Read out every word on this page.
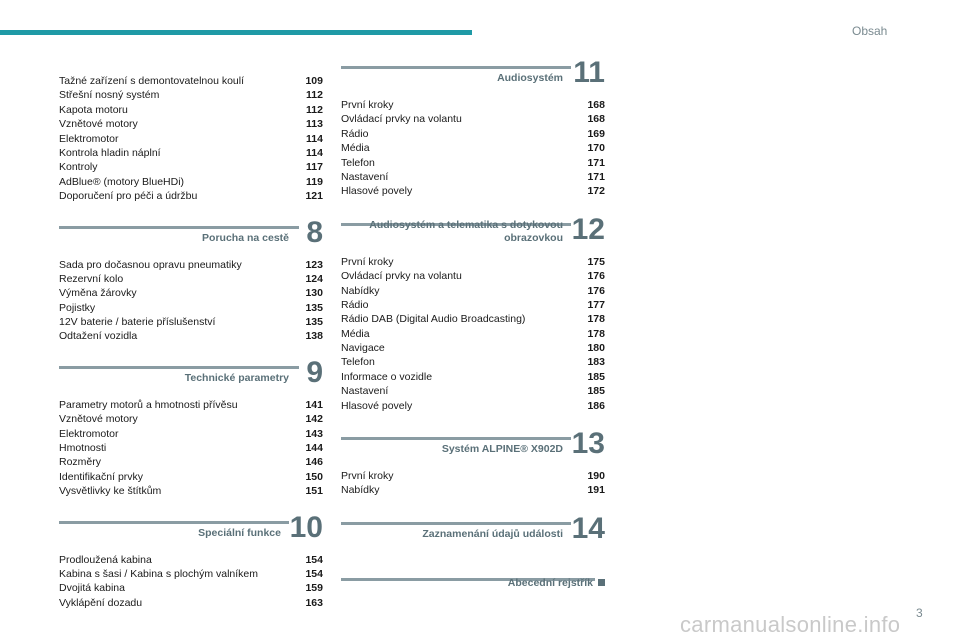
Obsah
Tažné zařízení s demontovatelnou koulí	109
Střešní nosný systém	112
Kapota motoru	112
Vznětové motory	113
Elektromotor	114
Kontrola hladin náplní	114
Kontroly	117
AdBlue® (motory BlueHDi)	119
Doporučení pro péči a údržbu	121
Porucha na cestě 8
Sada pro dočasnou opravu pneumatiky	123
Rezervní kolo	124
Výměna žárovky	130
Pojistky	135
12V baterie / baterie příslušenství	135
Odtažení vozidla	138
Technické parametry 9
Parametry motorů a hmotnosti přívěsu	141
Vznětové motory	142
Elektromotor	143
Hmotnosti	144
Rozměry	146
Identifikační prvky	150
Vysvětlivky ke štítkům	151
Speciální funkce 10
Prodloužená kabina	154
Kabina s šasi / Kabina s plochým valníkem	154
Dvojitá kabina	159
Vyklápění dozadu	163
Audiosystém 11
První kroky	168
Ovládací prvky na volantu	168
Rádio	169
Média	170
Telefon	171
Nastavení	171
Hlasové povely	172
Audiosystém a telematika s dotykovou obrazovkou 12
První kroky	175
Ovládací prvky na volantu	176
Nabídky	176
Rádio	177
Rádio DAB (Digital Audio Broadcasting)	178
Média	178
Navigace	180
Telefon	183
Informace o vozidle	185
Nastavení	185
Hlasové povely	186
Systém ALPINE® X902D 13
První kroky	190
Nabídky	191
Zaznamenání údajů události 14
Abecední rejstřík
3
carmanualsonline.info
